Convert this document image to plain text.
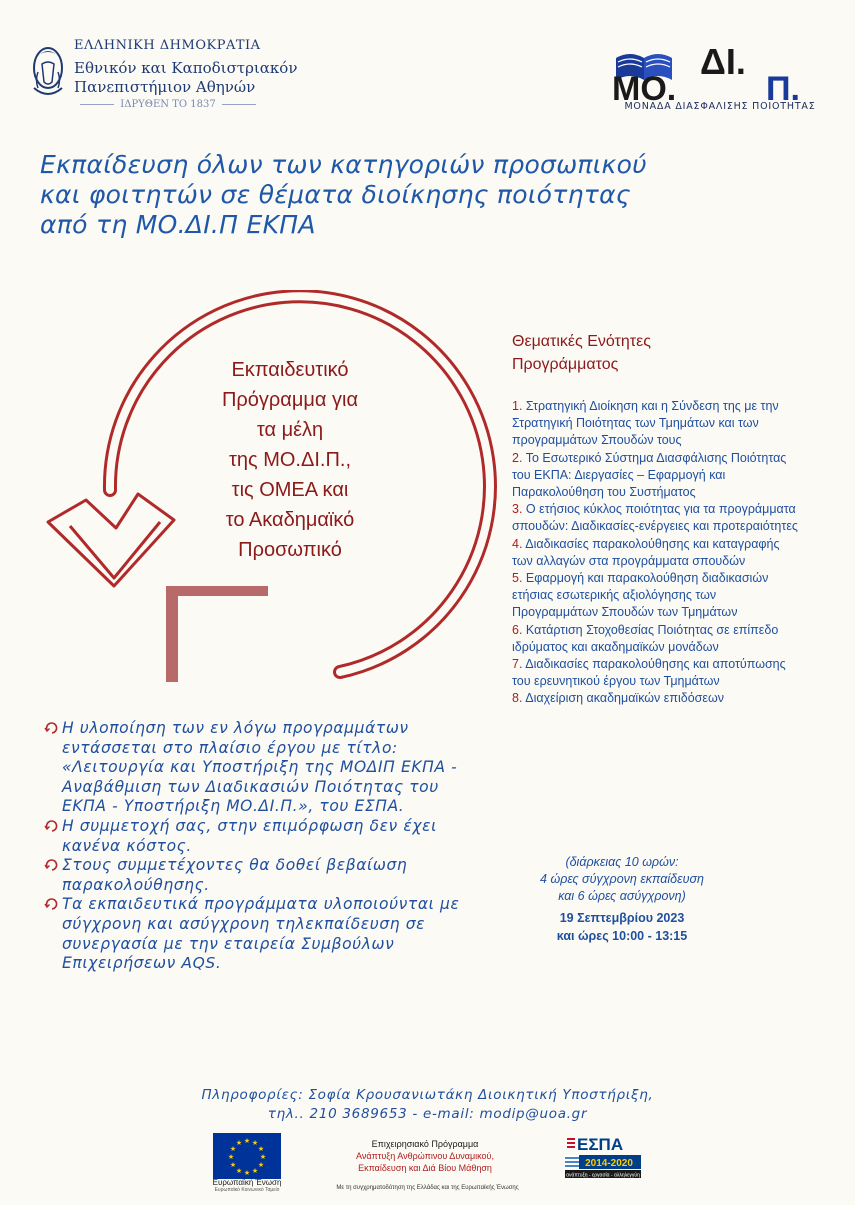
ΕΛΛΗΝΙΚΗ ΔΗΜΟΚΡΑΤΙΑ
Εθνικόν και Καποδιστριακόν
Πανεπιστήμιον Αθηνών
ΙΔΡΥΘΕΝ ΤΟ 1837
ΔΙ.
ΜΟ.	Π.
ΜΟΝΑΔΑ ΔΙΑΣΦΑΛΙΣΗΣ ΠΟΙΟΤΗΤΑΣ
Εκπαίδευση όλων των κατηγοριών προσωπικού
και φοιτητών σε θέματα διοίκησης ποιότητας
από τη ΜΟ.ΔΙ.Π ΕΚΠΑ
Εκπαιδευτικό
Πρόγραμμα για
τα μέλη
της ΜΟ.ΔΙ.Π.,
τις ΟΜΕΑ και
το Ακαδημαϊκό
Προσωπικό
Θεματικές Ενότητες
Προγράμματος
1. Στρατηγική Διοίκηση και η Σύνδεση της με την Στρατηγική Ποιότητας των Τμημάτων και των προγραμμάτων Σπουδών τους
2. Το Εσωτερικό Σύστημα Διασφάλισης Ποιότητας του ΕΚΠΑ: Διεργασίες – Εφαρμογή και Παρακολούθηση του Συστήματος
3. Ο ετήσιος κύκλος ποιότητας για τα προγράμματα σπουδών: Διαδικασίες-ενέργειες και προτεραιότητες
4. Διαδικασίες παρακολούθησης και καταγραφής των αλλαγών στα προγράμματα σπουδών
5. Εφαρμογή και παρακολούθηση διαδικασιών ετήσιας εσωτερικής αξιολόγησης των Προγραμμάτων Σπουδών των Τμημάτων
6. Κατάρτιση Στοχοθεσίας Ποιότητας σε επίπεδο ιδρύματος και ακαδημαϊκών μονάδων
7. Διαδικασίες παρακολούθησης και αποτύπωσης του ερευνητικού έργου των Τμημάτων
8. Διαχείριση ακαδημαϊκών επιδόσεων
(διάρκειας 10 ωρών:
4 ώρες σύγχρονη εκπαίδευση
και 6 ώρες ασύγχρονη)
19 Σεπτεμβρίου 2023
και ώρες 10:00 - 13:15
Η υλοποίηση των εν λόγω προγραμμάτων εντάσσεται στο πλαίσιο έργου με τίτλο: «Λειτουργία και Υποστήριξη της ΜΟΔΙΠ ΕΚΠΑ - Αναβάθμιση των Διαδικασιών Ποιότητας του ΕΚΠΑ - Υποστήριξη ΜΟ.ΔΙ.Π.», του ΕΣΠΑ.
Η συμμετοχή σας, στην επιμόρφωση δεν έχει κανένα κόστος.
Στους συμμετέχοντες θα δοθεί βεβαίωση παρακολούθησης.
Τα εκπαιδευτικά προγράμματα υλοποιούνται με σύγχρονη και ασύγχρονη τηλεκπαίδευση σε συνεργασία με την εταιρεία Συμβούλων Επιχειρήσεων AQS.
Πληροφορίες: Σοφία Κρουσανιωτάκη Διοικητική Υποστήριξη,
τηλ.. 210 3689653 - e-mail: modip@uoa.gr
★ ★
★
★
★
★
★
★
★
★
★
★
Ευρωπαϊκή Ένωση
Ευρωπαϊκό Κοινωνικό Ταμείο
Επιχειρησιακό Πρόγραμμα
Ανάπτυξη Ανθρώπινου Δυναμικού,
Εκπαίδευση και Διά Βίου Μάθηση
Με τη συγχρηματοδότηση της Ελλάδας και της Ευρωπαϊκής Ένωσης
ΕΣΠΑ
2014-2020
ανάπτυξη - εργασία - αλληλεγγύη
